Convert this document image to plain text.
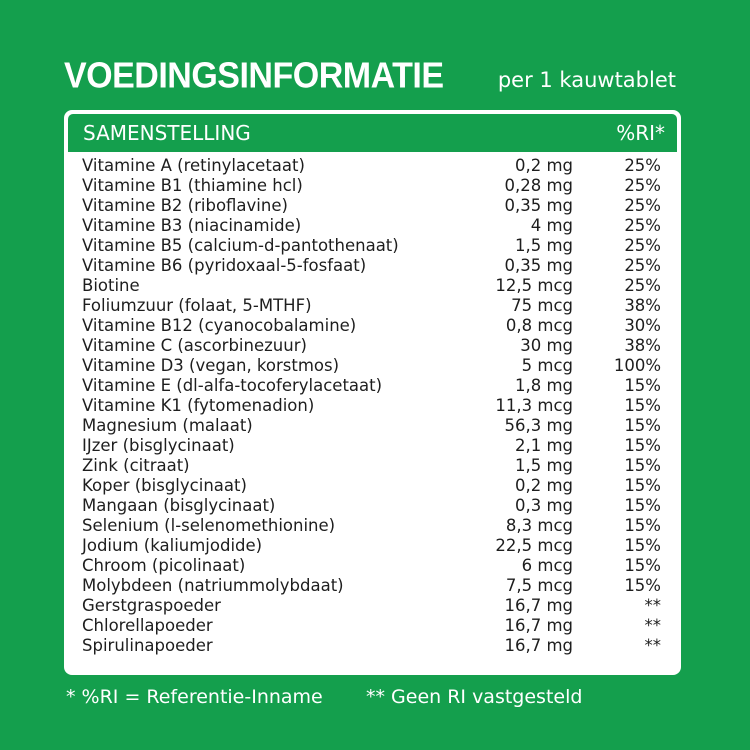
VOEDINGSINFORMATIE	per 1 kauwtablet
SAMENSTELLING	%RI*
Vitamine A (retinylacetaat)	0,2 mg	25%
Vitamine B1 (thiamine hcl)	0,28 mg	25%
Vitamine B2 (riboflavine)	0,35 mg	25%
Vitamine B3 (niacinamide)	4 mg	25%
Vitamine B5 (calcium-d-pantothenaat)	1,5 mg	25%
Vitamine B6 (pyridoxaal-5-fosfaat)	0,35 mg	25%
Biotine	12,5 mcg	25%
Foliumzuur (folaat, 5-MTHF)	75 mcg	38%
Vitamine B12 (cyanocobalamine)	0,8 mcg	30%
Vitamine C (ascorbinezuur)	30 mg	38%
Vitamine D3 (vegan, korstmos)	5 mcg 100%
Vitamine E (dl-alfa-tocoferylacetaat)	1,8 mg	15%
Vitamine K1 (fytomenadion)	11,3 mcg	15%
Magnesium (malaat)	56,3 mg	15%
IJzer (bisglycinaat)	2,1 mg	15%
Zink (citraat)	1,5 mg	15%
Koper (bisglycinaat)	0,2 mg	15%
Mangaan (bisglycinaat)	0,3 mg	15%
Selenium (l-selenomethionine)	8,3 mcg	15%
Jodium (kaliumjodide)	22,5 mcg	15%
Chroom (picolinaat)	6 mcg	15%
Molybdeen (natriummolybdaat)	7,5 mcg	15%
Gerstgraspoeder	16,7 mg	**
Chlorellapoeder	16,7 mg	**
Spirulinapoeder	16,7 mg	**
* %RI = Referentie-Inname ** Geen RI vastgesteld
